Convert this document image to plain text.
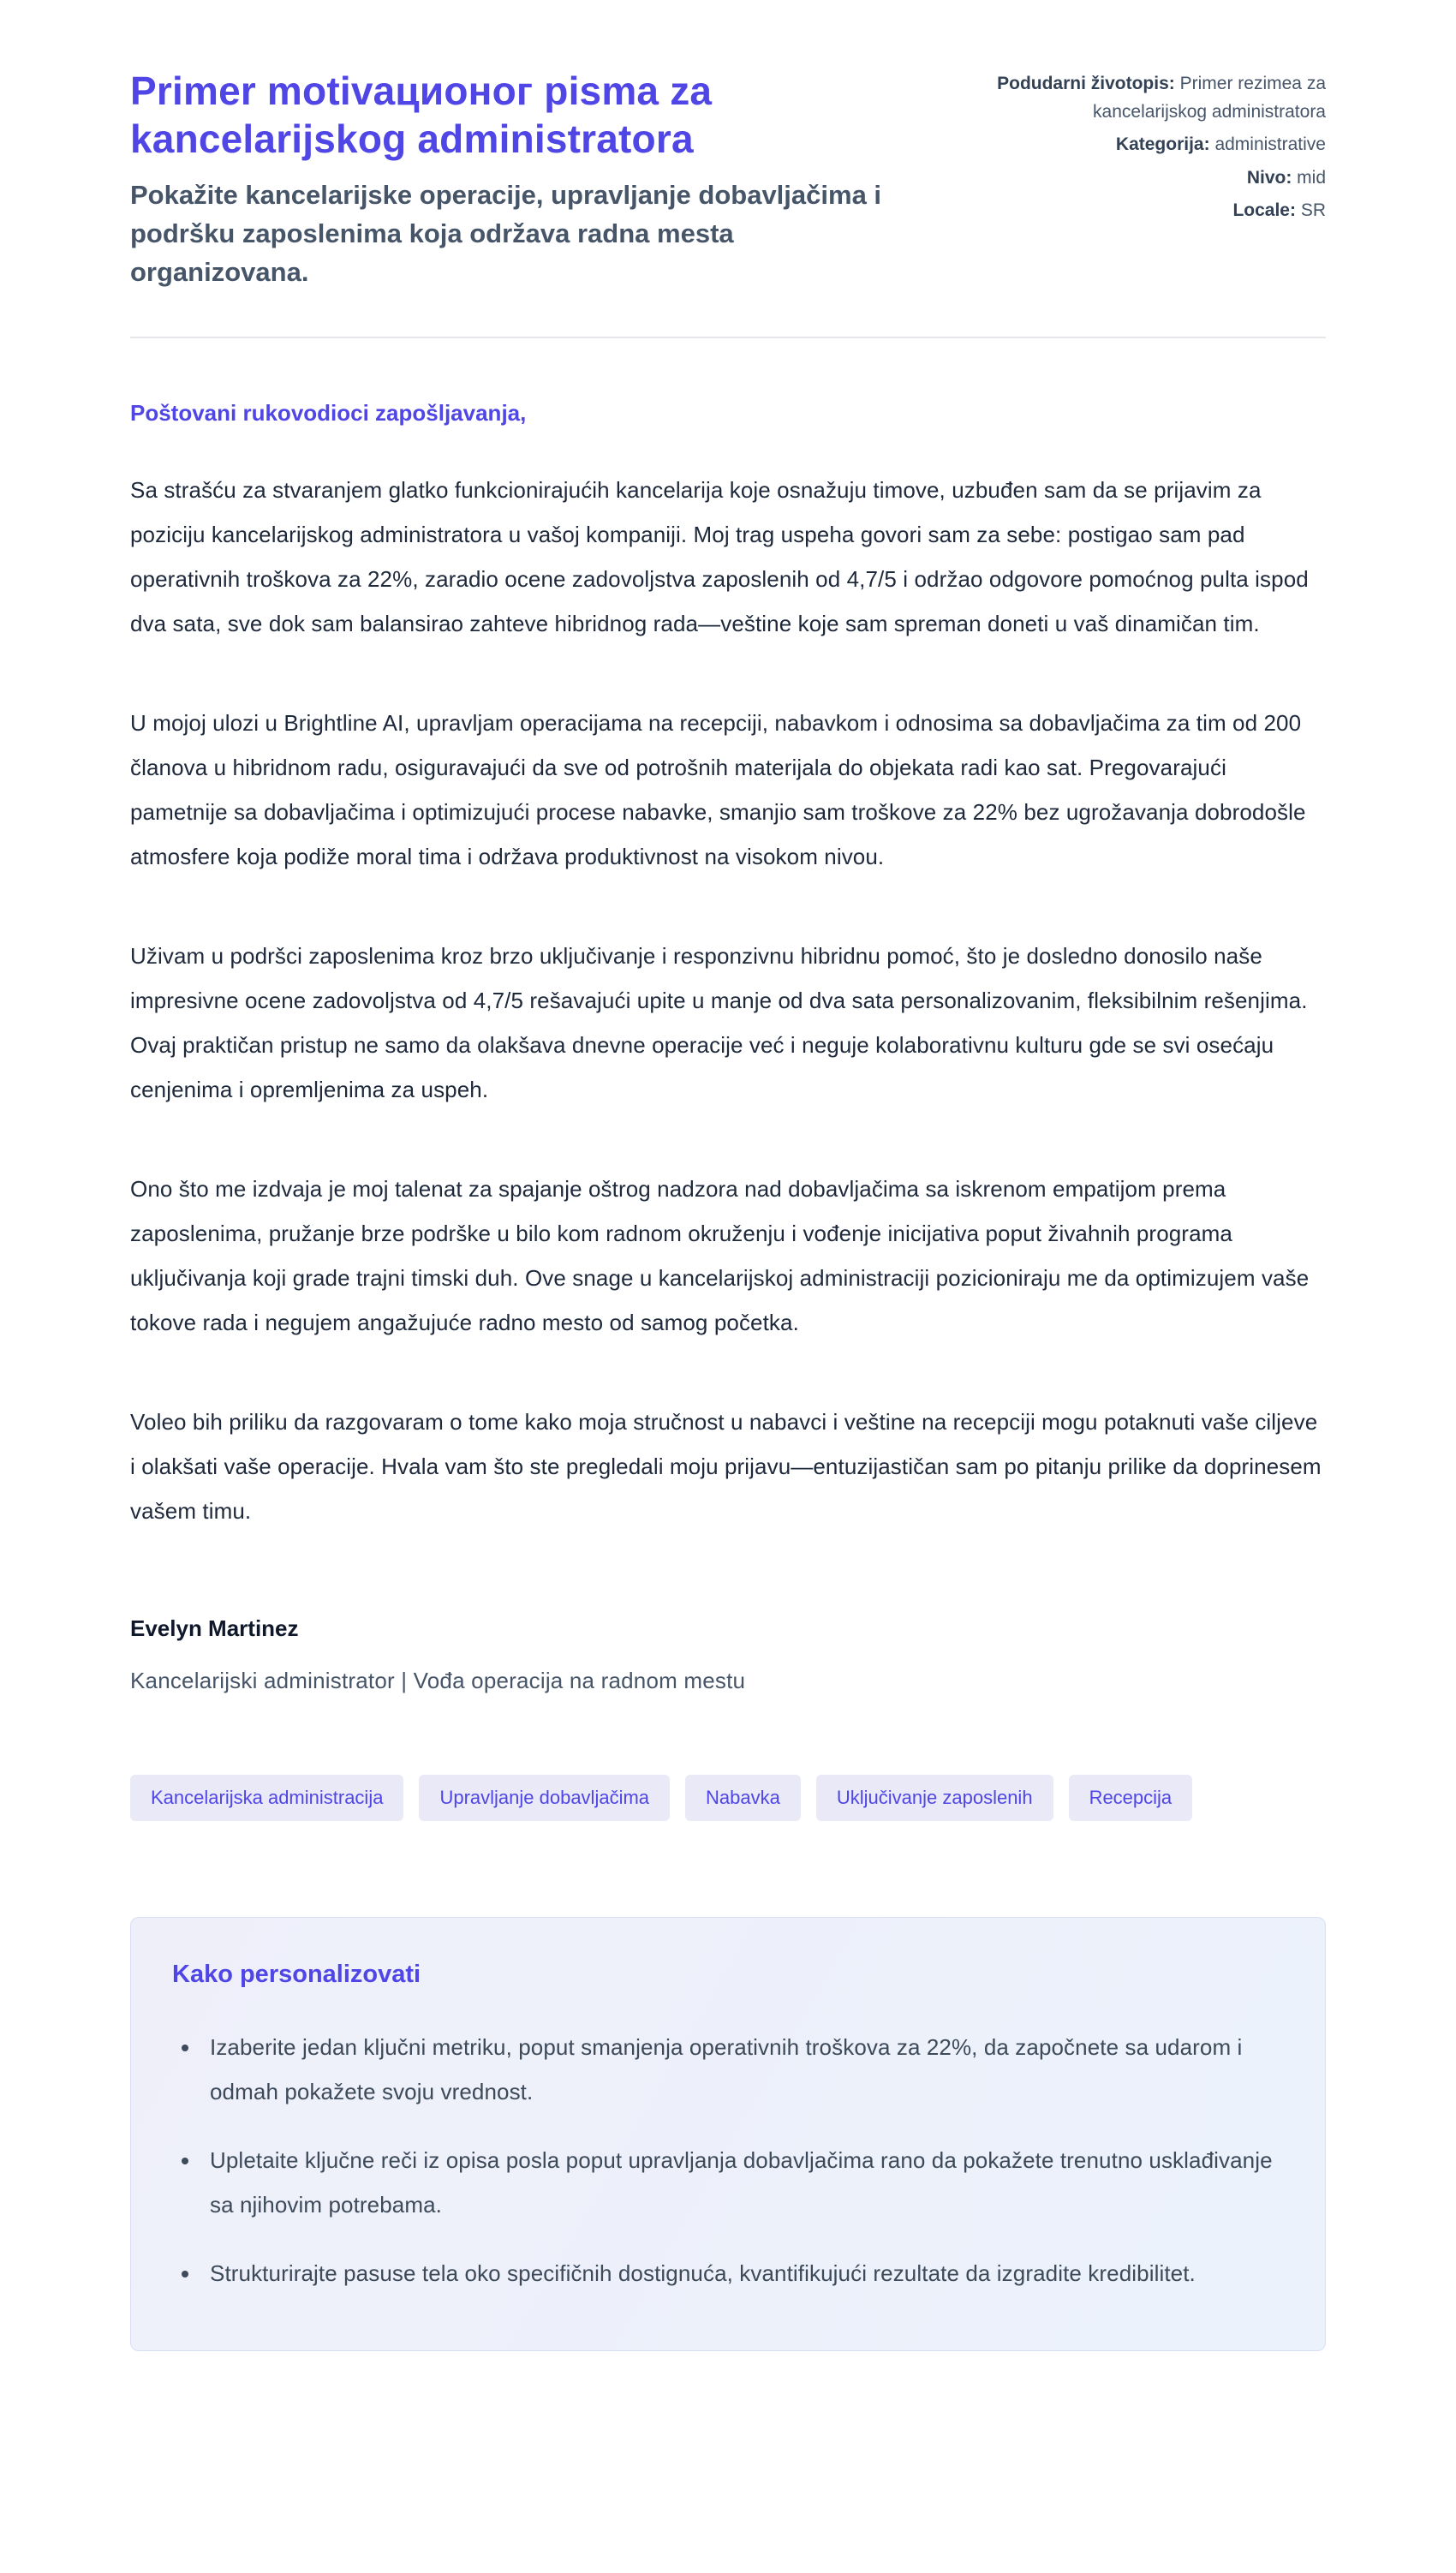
Primer motivaционог pisma za kancelarijskog administratora
Pokažite kancelarijske operacije, upravljanje dobavljačima i podršku zaposlenima koja održava radna mesta organizovana.
Podudarni životopis: Primer rezimea za kancelarijskog administratora
Kategorija: administrative
Nivo: mid
Locale: SR
Poštovani rukovodioci zapošljavanja,

Sa strašću za stvaranjem glatko funkcionirajućih kancelarija koje osnažuju timove, uzbuđen sam da se prijavim za poziciju kancelarijskog administratora u vašoj kompaniji. Moj trag uspeha govori sam za sebe: postigao sam pad operativnih troškova za 22%, zaradio ocene zadovoljstva zaposlenih od 4,7/5 i održao odgovore pomoćnog pulta ispod dva sata, sve dok sam balansirao zahteve hibridnog rada—veštine koje sam spreman doneti u vaš dinamičan tim.

U mojoj ulozi u Brightline AI, upravljam operacijama na recepciji, nabavkom i odnosima sa dobavljačima za tim od 200 članova u hibridnom radu, osiguravajući da sve od potrošnih materijala do objekata radi kao sat. Pregovarajući pametnije sa dobavljačima i optimizujući procese nabavke, smanjio sam troškove za 22% bez ugrožavanja dobrodošle atmosfere koja podiže moral tima i održava produktivnost na visokom nivou.

Uživam u podršci zaposlenima kroz brzo uključivanje i responzivnu hibridnu pomoć, što je dosledno donosilo naše impresivne ocene zadovoljstva od 4,7/5 rešavajući upite u manje od dva sata personalizovanim, fleksibilnim rešenjima. Ovaj praktičan pristup ne samo da olakšava dnevne operacije već i neguje kolaborativnu kulturu gde se svi osećaju cenjenima i opremljenima za uspeh.

Ono što me izdvaja je moj talenat za spajanje oštrog nadzora nad dobavljačima sa iskrenom empatijom prema zaposlenima, pružanje brze podrške u bilo kom radnom okruženju i vođenje inicijativa poput živahnih programa uključivanja koji grade trajni timski duh. Ove snage u kancelarijskoj administraciji pozicioniraju me da optimizujem vaše tokove rada i negujem angažujuće radno mesto od samog početka.

Voleo bih priliku da razgovaram o tome kako moja stručnost u nabavci i veštine na recepciji mogu potaknuti vaše ciljeve i olakšati vaše operacije. Hvala vam što ste pregledali moju prijavu—entuzijastičan sam po pitanju prilike da doprinesem vašem timu.

Evelyn Martinez
Kancelarijski administrator | Vođa operacija na radnom mestu
Kancelarijska administracija	Upravljanje dobavljačima	Nabavka	Uključivanje zaposlenih	Recepcija
Kako personalizovati
• Izaberite jedan ključni metriku, poput smanjenja operativnih troškova za 22%, da započnete sa udarom i odmah pokažete svoju vrednost.
• Upletaite ključne reči iz opisa posla poput upravljanja dobavljačima rano da pokažete trenutno usklađivanje sa njihovim potrebama.
• Strukturirajte pasuse tela oko specifičnih dostignuća, kvantifikujući rezultate da izgradite kredibilitet.
